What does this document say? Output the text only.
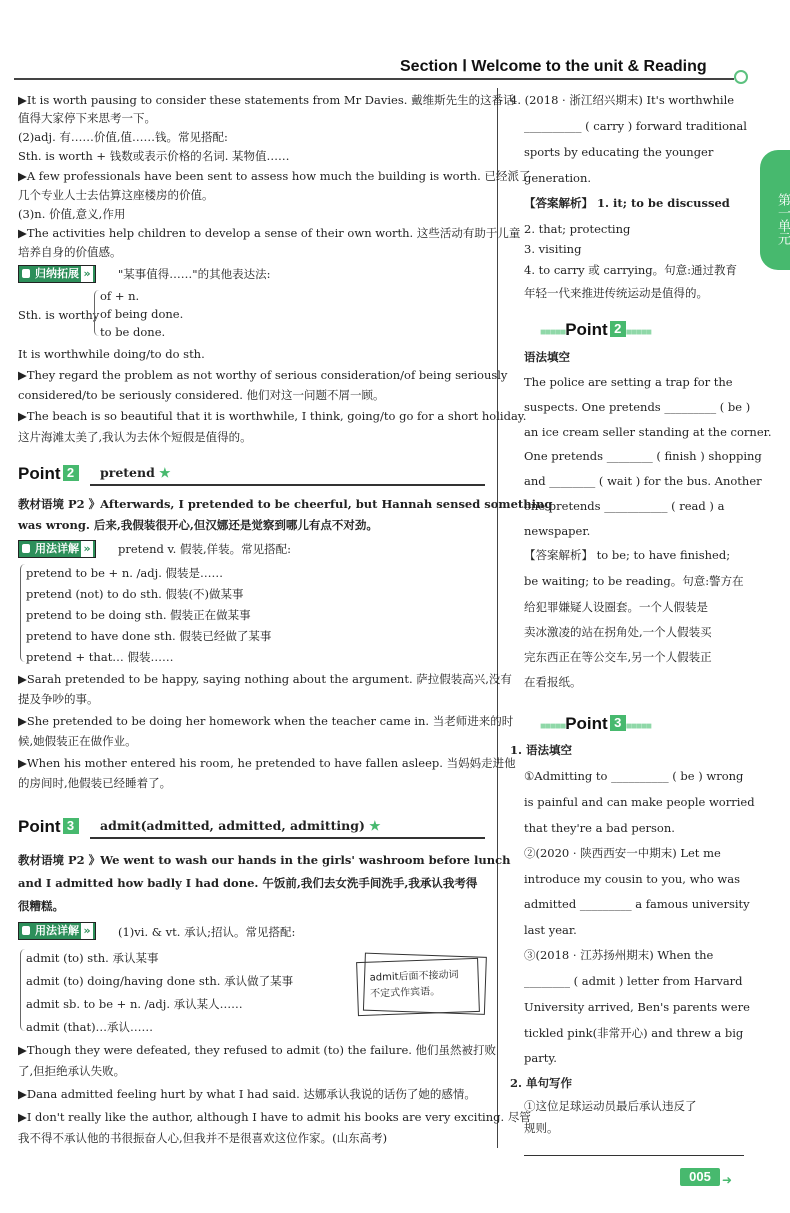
Section Ⅰ Welcome to the unit & Reading
第一单元
▶It is worth pausing to consider these statements from Mr Davies. 戴维斯先生的这番话
值得大家停下来思考一下。
(2)adj. 有……价值,值……钱。常见搭配:
Sth. is worth + 钱数或表示价格的名词. 某物值……
▶A few professionals have been sent to assess how much the building is worth. 已经派了
几个专业人士去估算这座楼房的价值。
(3)n. 价值,意义,作用
▶The activities help children to develop a sense of their own worth. 这些活动有助于儿童
培养自身的价值感。
归纳拓展 »	"某事值得……"的其他表达法:
Sth. is worthy
of + n.
of being done.
to be done.
It is worthwhile doing/to do sth.
▶They regard the problem as not worthy of serious consideration/of being seriously
considered/to be seriously considered. 他们对这一问题不屑一顾。
▶The beach is so beautiful that it is worthwhile, I think, going/to go for a short holiday.
这片海滩太美了,我认为去休个短假是值得的。
Point 2	pretend ★
教材语境 P2 》Afterwards, I pretended to be cheerful, but Hannah sensed something
was wrong. 后来,我假装很开心,但汉娜还是觉察到哪儿有点不对劲。
用法详解 »	pretend v. 假装,佯装。常见搭配:
pretend to be + n. /adj. 假装是……
pretend (not) to do sth. 假装(不)做某事
pretend to be doing sth. 假装正在做某事
pretend to have done sth. 假装已经做了某事
pretend + that… 假装……
▶Sarah pretended to be happy, saying nothing about the argument. 萨拉假装高兴,没有
提及争吵的事。
▶She pretended to be doing her homework when the teacher came in. 当老师进来的时
候,她假装正在做作业。
▶When his mother entered his room, he pretended to have fallen asleep. 当妈妈走进他
的房间时,他假装已经睡着了。
Point 3	admit(admitted, admitted, admitting) ★
教材语境 P2 》We went to wash our hands in the girls' washroom before lunch
and I admitted how badly I had done. 午饭前,我们去女洗手间洗手,我承认我考得
很糟糕。
用法详解 »	(1)vi. & vt. 承认;招认。常见搭配:
admit (to) sth. 承认某事
admit (to) doing/having done sth. 承认做了某事
admit sb. to be + n. /adj. 承认某人……
admit (that)…承认……
admit后面不接动词
不定式作宾语。
▶Though they were defeated, they refused to admit (to) the failure. 他们虽然被打败
了,但拒绝承认失败。
▶Dana admitted feeling hurt by what I had said. 达娜承认我说的话伤了她的感情。
▶I don't really like the author, although I have to admit his books are very exciting. 尽管
我不得不承认他的书很振奋人心,但我并不是很喜欢这位作家。(山东高考)
4. (2018 · 浙江绍兴期末) It's worthwhile
__________ ( carry ) forward traditional
sports by educating the younger
generation.
【答案解析】 1. it; to be discussed
2. that; protecting
3. visiting
4. to carry 或 carrying。句意:通过教育
年轻一代来推进传统运动是值得的。
■■■■■Point 2■■■■■
语法填空
The police are setting a trap for the
suspects. One pretends _________ ( be )
an ice cream seller standing at the corner.
One pretends ________ ( finish ) shopping
and ________ ( wait ) for the bus. Another
one pretends ___________ ( read ) a
newspaper.
【答案解析】 to be; to have finished;
be waiting; to be reading。句意:警方在
给犯罪嫌疑人设圈套。一个人假装是
卖冰激凌的站在拐角处,一个人假装买
完东西正在等公交车,另一个人假装正
在看报纸。
■■■■■Point 3■■■■■
1. 语法填空
①Admitting to __________ ( be ) wrong
is painful and can make people worried
that they're a bad person.
②(2020 · 陕西西安一中期末) Let me
introduce my cousin to you, who was
admitted _________ a famous university
last year.
③(2018 · 江苏扬州期末) When the
________ ( admit ) letter from Harvard
University arrived, Ben's parents were
tickled pink(非常开心) and threw a big
party.
2. 单句写作
①这位足球运动员最后承认违反了
规则。
005 ➜
